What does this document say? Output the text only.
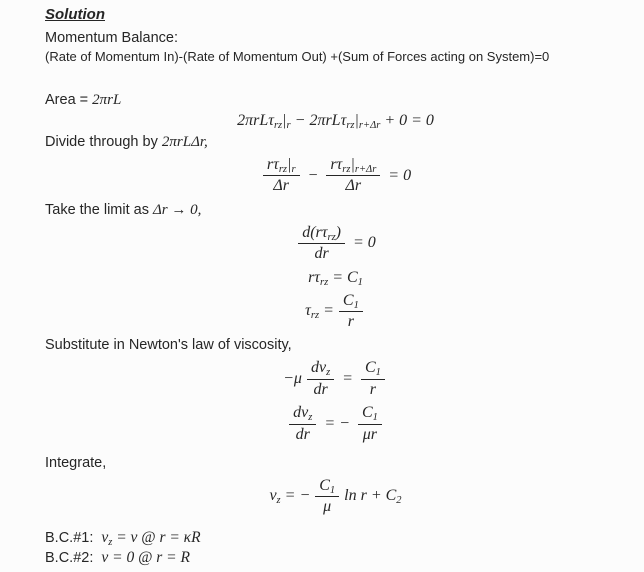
Solution
Momentum Balance:
(Rate of Momentum In)-(Rate of Momentum Out) +(Sum of Forces acting on System)=0
Area = 2πrL
$2\pi rL\tau_{rz}|_r - 2\pi rL\tau_{rz}|_{r+\Delta r} + 0 = 0$
Divide through by 2πrLΔr,
$\frac{r\tau_{rz}|_r}{\Delta r} - \frac{r\tau_{rz}|_{r+\Delta r}}{\Delta r} = 0$
Take the limit as Δr → 0,
$\frac{d(r\tau_{rz})}{dr} = 0$
$r\tau_{rz} = C_1$
$\tau_{rz} = \frac{C_1}{r}$
Substitute in Newton's law of viscosity,
$-\mu \frac{dv_z}{dr} = \frac{C_1}{r}$
$\frac{dv_z}{dr}$ = − $\frac{C_1}{\mu r}$
Integrate,
$v_z$ = − $\frac{C_1}{\mu}$ $\ln r + C_2$
B.C.#1: $v_z = v$ @ r = κR
B.C.#2: v = 0 @ r = R
